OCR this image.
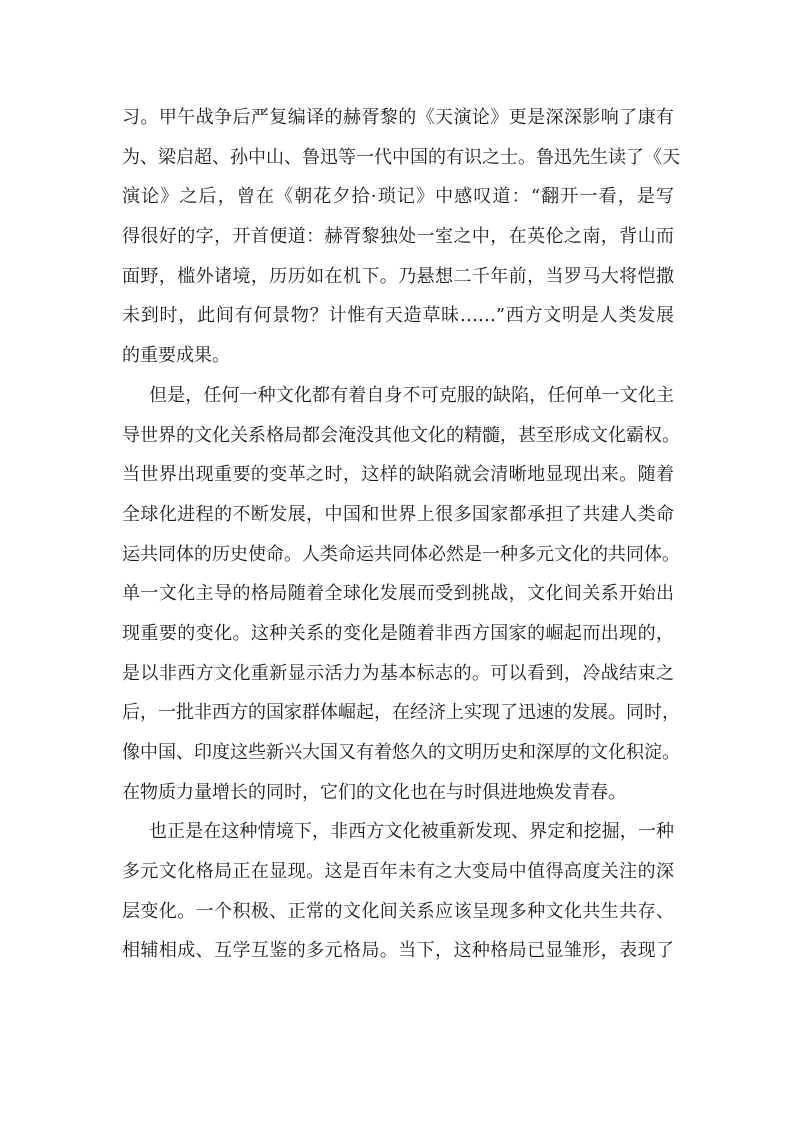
习。甲午战争后严复编译的赫胥黎的《天演论》更是深深影响了康有
为、梁启超、孙中山、鲁迅等一代中国的有识之士。鲁迅先生读了《天
演论》之后，曾在《朝花夕拾·琐记》中感叹道：“翻开一看，是写
得很好的字，开首便道：赫胥黎独处一室之中，在英伦之南，背山而
面野，槛外诸境，历历如在机下。乃悬想二千年前，当罗马大将恺撒
未到时，此间有何景物？计惟有天造草昧……”西方文明是人类发展
的重要成果。
但是，任何一种文化都有着自身不可克服的缺陷，任何单一文化主
导世界的文化关系格局都会淹没其他文化的精髓，甚至形成文化霸权。
当世界出现重要的变革之时，这样的缺陷就会清晰地显现出来。随着
全球化进程的不断发展，中国和世界上很多国家都承担了共建人类命
运共同体的历史使命。人类命运共同体必然是一种多元文化的共同体。
单一文化主导的格局随着全球化发展而受到挑战，文化间关系开始出
现重要的变化。这种关系的变化是随着非西方国家的崛起而出现的，
是以非西方文化重新显示活力为基本标志的。可以看到，冷战结束之
后，一批非西方的国家群体崛起，在经济上实现了迅速的发展。同时，
像中国、印度这些新兴大国又有着悠久的文明历史和深厚的文化积淀。
在物质力量增长的同时，它们的文化也在与时俱进地焕发青春。
也正是在这种情境下，非西方文化被重新发现、界定和挖掘，一种
多元文化格局正在显现。这是百年未有之大变局中值得高度关注的深
层变化。一个积极、正常的文化间关系应该呈现多种文化共生共存、
相辅相成、互学互鉴的多元格局。当下，这种格局已显雏形，表现了
